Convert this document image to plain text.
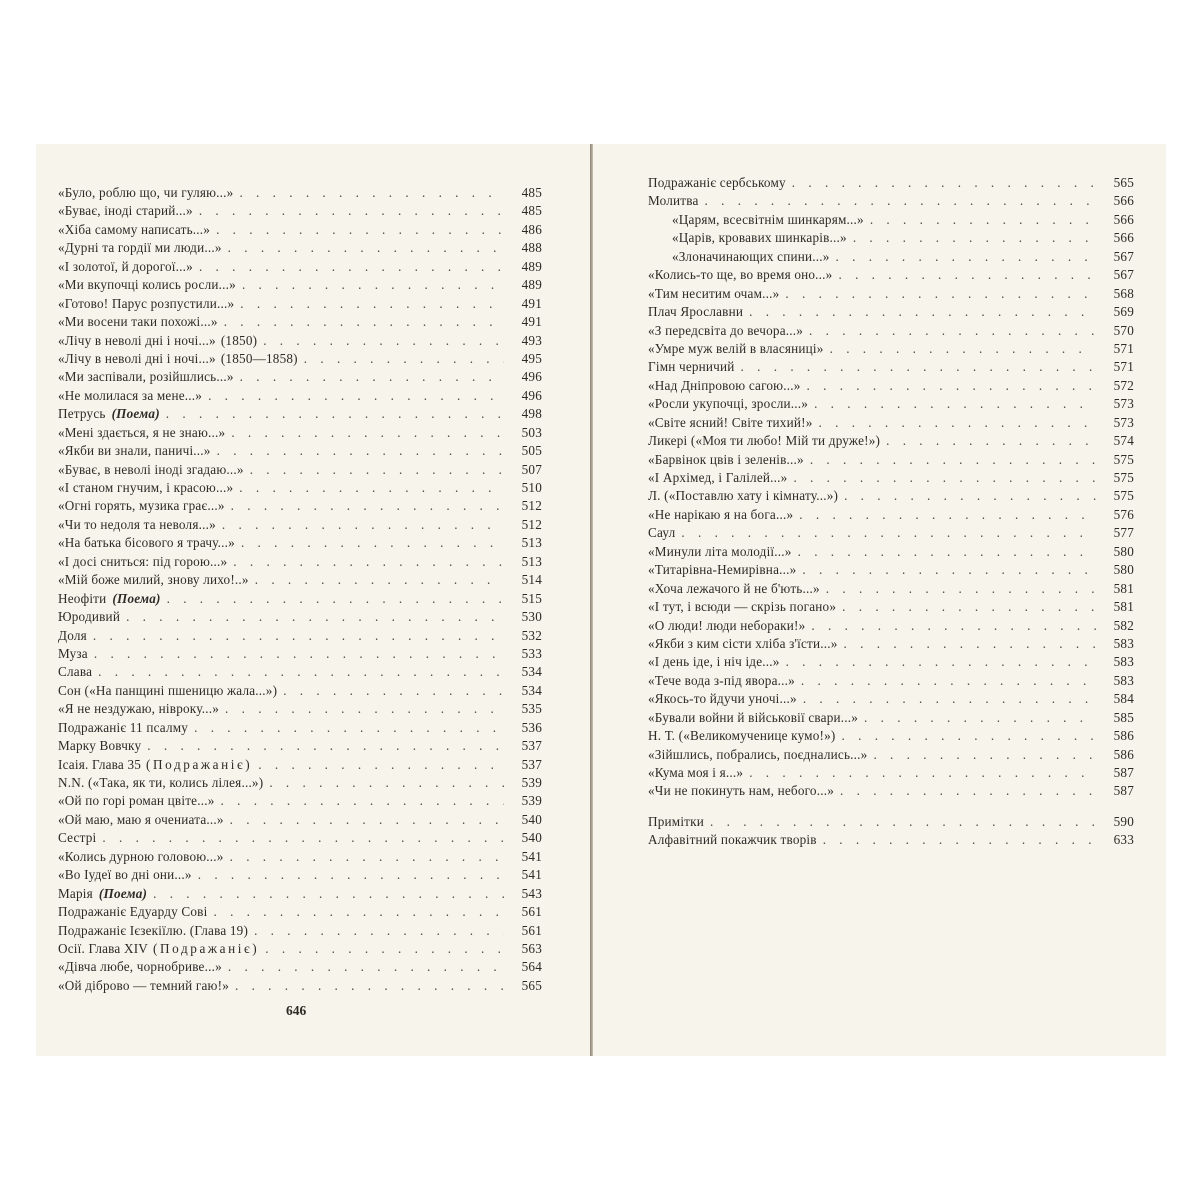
«Було, роблю що, чи гуляю...» . . .	485
«Буває, іноді старий...» . . .	485
«Хіба самому написать...» . . .	486
«Дурні та гордії ми люди...» . . .	488
«І золотої, й дорогої...» . . .	489
«Ми вкупочці колись росли...» . . .	489
«Готово! Парус розпустили...» . . .	491
«Ми восени таки похожі...» . . .	491
«Лічу в неволі дні і ночі...» (1850) . . .	493
«Лічу в неволі дні і ночі...» (1850—1858) . . .	495
«Ми заспівали, розійшлись...» . . .	496
«Не молилася за мене...» . . .	496
Петрусь (Поема) . . .	498
«Мені здається, я не знаю...» . . .	503
«Якби ви знали, паничі...» . . .	505
«Буває, в неволі іноді згадаю...» . . .	507
«І станом гнучим, і красою...» . . .	510
«Огні горять, музика грає...» . . .	512
«Чи то недоля та неволя...» . . .	512
«На батька бісового я трачу...» . . .	513
«І досі сниться: під горою...» . . .	513
«Мій боже милий, знову лихо!..» . . .	514
Неофіти (Поема) . . .	515
Юродивий . . .	530
Доля . . .	532
Муза . . .	533
Слава . . .	534
Сон («На панщині пшеницю жала...») . . .	534
«Я не нездужаю, нівроку...» . . .	535
Подражаніє 11 псалму . . .	536
Марку Вовчку . . .	537
Ісаія. Глава 35 (Подражаніє) . . .	537
N.N. («Така, як ти, колись лілея...») . . .	539
«Ой по горі роман цвіте...» . . .	539
«Ой маю, маю я очениата...» . . .	540
Сестрі . . .	540
«Колись дурною головою...» . . .	541
«Во Іудеї во дні они...» . . .	541
Марія (Поема) . . .	543
Подражаніє Едуарду Сові . . .	561
Подражаніє Ієзекіїлю. (Глава 19) . . .	561
Осії. Глава XIV (Подражаніє) . . .	563
«Дівча любе, чорнобриве...» . . .	564
«Ой діброво — темний гаю!» . . .	565
Подражаніє сербському . . .	565
Молитва . . .	566
«Царям, всесвітнім шинкарям...» . . .	566
«Царів, кровавих шинкарів...» . . .	566
«Злоначинающих спини...» . . .	567
«Колись-то ще, во время оно...» . . .	567
«Тим неситим очам...» . . .	568
Плач Ярославни . . .	569
«З передсвіта до вечора...» . . .	570
«Умре муж велій в власяниці» . . .	571
Гімн черничий . . .	571
«Над Дніпровою сагою...» . . .	572
«Росли укупочці, зросли...» . . .	573
«Світе ясний! Світе тихий!» . . .	573
Ликері («Моя ти любо! Мій ти друже!») . . .	574
«Барвінок цвів і зеленів...» . . .	575
«І Архімед, і Галілей...» . . .	575
Л. («Поставлю хату і кімнату...») . . .	575
«Не нарікаю я на бога...» . . .	576
Саул . . .	577
«Минули літа молодії...» . . .	580
«Титарівна-Немирівна...» . . .	580
«Хоча лежачого й не б'ють...» . . .	581
«І тут, і всюди — скрізь погано» . . .	581
«О люди! люди небораки!» . . .	582
«Якби з ким сісти хліба з'їсти...» . . .	583
«І день іде, і ніч іде...» . . .	583
«Тече вода з-під явора...» . . .	583
«Якось-то йдучи уночі...» . . .	584
«Бували войни й військовії свари...» . . .	585
Н. Т. («Великомученице кумо!») . . .	586
«Зійшлись, побрались, поєднались...» . . .	586
«Кума моя і я...» . . .	587
«Чи не покинуть нам, небого...» . . .	587
Примітки . . .	590
Алфавітний покажчик творів . . .	633
646
